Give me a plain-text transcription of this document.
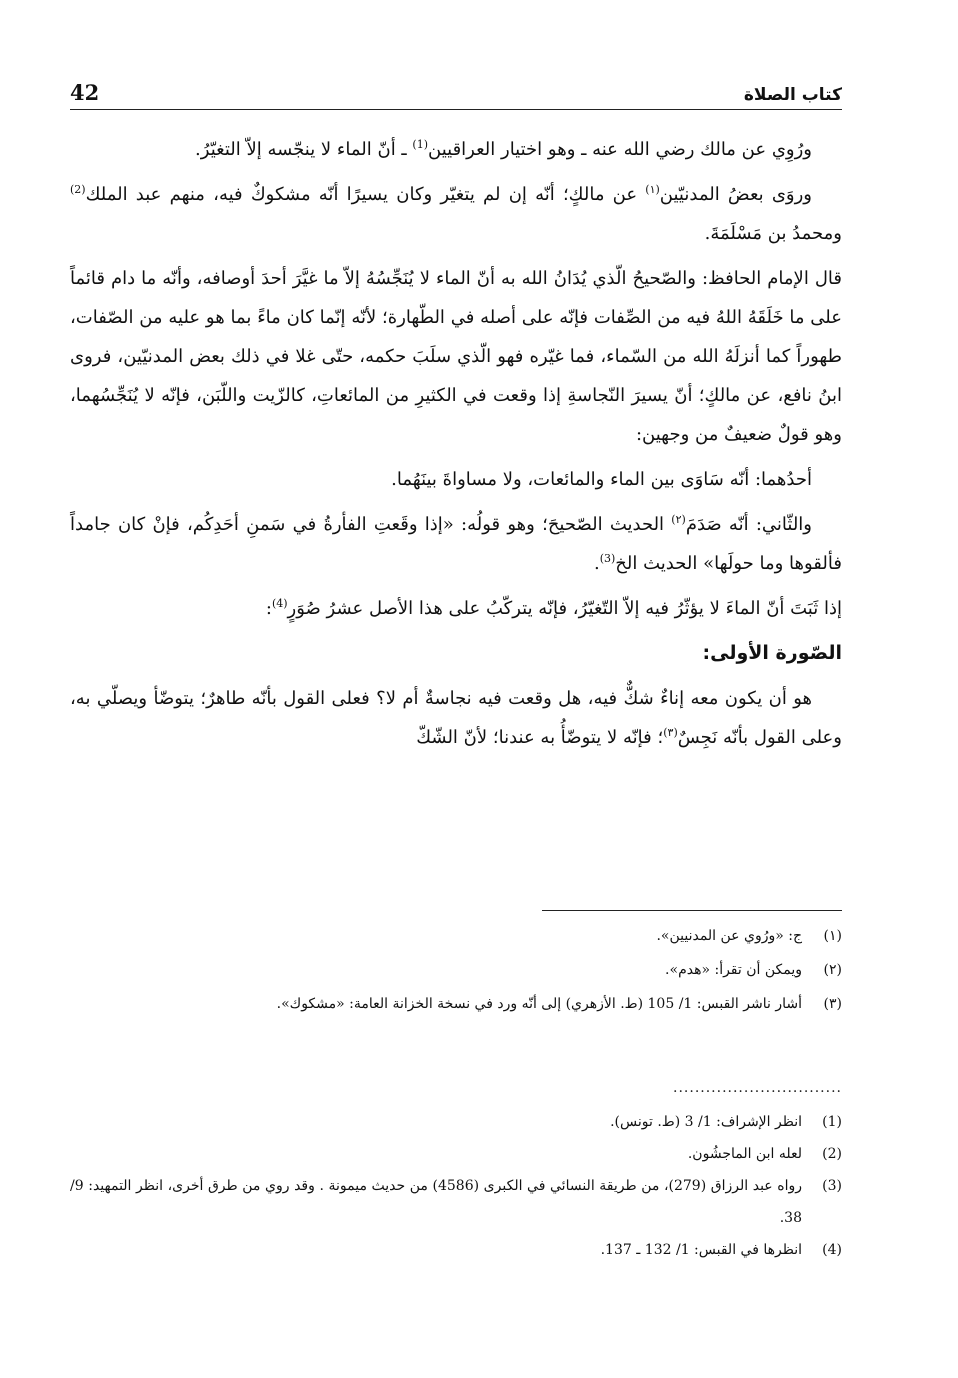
42	كتاب الصلاة

ورُوِي عن مالك رضي الله عنه ـ وهو اختيار العراقيين$^{(1)}$ ـ أنّ الماء لا ينجّسه إلاّ التغيّرُ.

وروَى بعضُ المدنيّين$^{(١)}$ عن مالكٍ؛ أنّه إن لم يتغيّر وكان يسيرًا أنّه مشكوكٌ فيه، منهم عبد الملك$^{(2)}$ ومحمدُ بن مَسْلَمَةَ.

قال الإمام الحافظ: والصّحيحُ الّذي يُدَانُ الله به أنّ الماء لا يُنَجِّسُهُ إلاّ ما غيَّرَ أحدَ أوصافه، وأنّه ما دام قائماً على ما خَلَقَهُ اللهُ فيه من الصِّفات فإنّه على أصله في الطّهارة؛ لأنّه إنّما كان ماءً بما هو عليه من الصّفات، طهوراً كما أنزلَهُ الله من السّماء، فما غيّره فهو الّذي سلَبَ حكمه، حتّى غلا في ذلك بعض المدنيّين، فروى ابنُ نافع، عن مالكٍ؛ أنّ يسيرَ النّجاسةِ إذا وقعت في الكثيرِ من المائعاتِ، كالزّيت واللّبَن، فإنّه لا يُنَجِّسُهما، وهو قولٌ ضعيفٌ من وجهين:

أحدُهما: أنّه سَاوَى بين الماء والمائعات، ولا مساواةَ بينَهُما.

والثّاني: أنّه صَدَمَ$^{(٢)}$ الحديث الصّحيحَ؛ وهو قولُه: «إذا وقَعتِ الفأرةُ في سَمنِ أحَدِكُم، فإنْ كان جامداً فألقوها وما حولَها» الحديث الخ$^{(3)}$.

إذا ثَبَتَ أنّ الماءَ لا يؤثّرُ فيه إلاّ التّغيّرُ، فإنّه يتركّبُ على هذا الأصل عشرُ صُوَرٍ$^{(4)}$:

الصّورة الأولى:

هو أن يكون معه إناءٌ شكٌّ فيه، هل وقعت فيه نجاسةٌ أم لا؟ فعلى القول بأنّه طاهرٌ؛ يتوضّأ ويصلّي به، وعلى القول بأنّه نَجِسٌ$^{(٣)}$؛ فإنّه لا يتوضّأُ به عندنا؛ لأنّ الشّكّ

(١)
ج: «ورُوي عن المدنيين».
(٢)
ويمكن أن تقرأ: «هدم».
(٣)
أشار ناشر القبس: 1/ 105 (ط. الأزهري) إلى أنّه ورد في نسخة الخزانة العامة: «مشكوك».
...............................
(1)
انظر الإشراف: 1/ 3 (ط. تونس).
(2)
لعله ابن الماجشُون.
(3)
رواه عبد الرزاق (279)، من طريقة النسائي في الكبرى (4586) من حديث ميمونة . وقد روي من طرق أخرى، انظر التمهيد: 9/ 38.
(4)
انظرها في القبس: 1/ 132 ـ 137.
